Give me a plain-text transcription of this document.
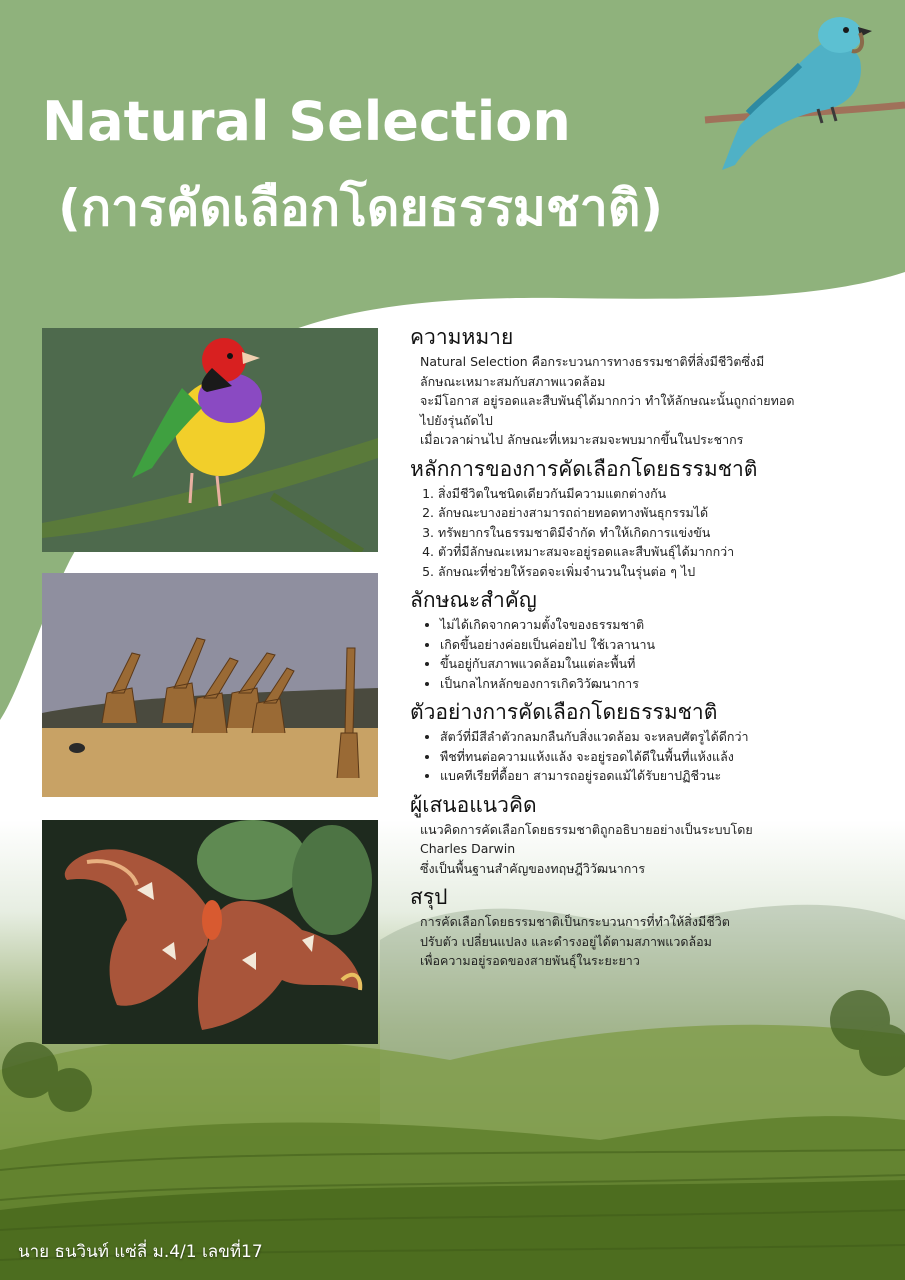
Natural Selection
(การคัดเลือกโดยธรรมชาติ)
ความหมาย

Natural Selection คือกระบวนการทางธรรมชาติที่สิ่งมีชีวิตซึ่งมี

ลักษณะเหมาะสมกับสภาพแวดล้อม

จะมีโอกาส อยู่รอดและสืบพันธุ์ได้มากกว่า ทำให้ลักษณะนั้นถูกถ่ายทอด

ไปยังรุ่นถัดไป

เมื่อเวลาผ่านไป ลักษณะที่เหมาะสมจะพบมากขึ้นในประชากร

หลักการของการคัดเลือกโดยธรรมชาติ
1. สิ่งมีชีวิตในชนิดเดียวกันมีความแตกต่างกัน
2. ลักษณะบางอย่างสามารถถ่ายทอดทางพันธุกรรมได้
3. ทรัพยากรในธรรมชาติมีจำกัด ทำให้เกิดการแข่งขัน
4. ตัวที่มีลักษณะเหมาะสมจะอยู่รอดและสืบพันธุ์ได้มากกว่า
5. ลักษณะที่ช่วยให้รอดจะเพิ่มจำนวนในรุ่นต่อ ๆ ไป
ลักษณะสำคัญ
• ไม่ได้เกิดจากความตั้งใจของธรรมชาติ
• เกิดขึ้นอย่างค่อยเป็นค่อยไป ใช้เวลานาน
• ขึ้นอยู่กับสภาพแวดล้อมในแต่ละพื้นที่
• เป็นกลไกหลักของการเกิดวิวัฒนาการ
ตัวอย่างการคัดเลือกโดยธรรมชาติ
• สัตว์ที่มีสีลำตัวกลมกลืนกับสิ่งแวดล้อม จะหลบศัตรูได้ดีกว่า
• พืชที่ทนต่อความแห้งแล้ง จะอยู่รอดได้ดีในพื้นที่แห้งแล้ง
• แบคทีเรียที่ดื้อยา สามารถอยู่รอดแม้ได้รับยาปฏิชีวนะ
ผู้เสนอแนวคิด

แนวคิดการคัดเลือกโดยธรรมชาติถูกอธิบายอย่างเป็นระบบโดย

Charles Darwin

ซึ่งเป็นพื้นฐานสำคัญของทฤษฎีวิวัฒนาการ

สรุป

การคัดเลือกโดยธรรมชาติเป็นกระบวนการที่ทำให้สิ่งมีชีวิต

ปรับตัว เปลี่ยนแปลง และดำรงอยู่ได้ตามสภาพแวดล้อม

เพื่อความอยู่รอดของสายพันธุ์ในระยะยาว

นาย ธนวินท์ แซ่ลี่ ม.4/1 เลขที่17
